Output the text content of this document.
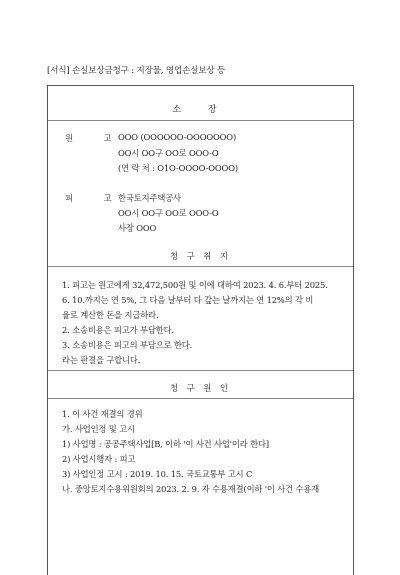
[서식] 손실보상금청구 : 지장물, 영업손실보상 등
소 장
원 고
OOO (OOOOOO-OOOOOOO)
OO시 OO구 OO로 OOO-O
(연 락 처 : O1O-OOOO-OOOO)
피 고
한국토지주택공사
OO시 OO구 OO로 OOO-O
사장 OOO
청 구 취 지
1. 피고는 원고에게 32,472,500원 및 이에 대하여 2023. 4. 6.부터 2025.
6. 10.까지는 연 5%, 그 다음 날부터 다 갚는 날까지는 연 12%의 각 비
율로 계산한 돈을 지급하라.
2. 소송비용은 피고가 부담한다.
3. 소송비용은 피고의 부담으로 한다.
라는 판결을 구합니다.
청 구 원 인
1. 이 사건 재결의 경위
가. 사업인정 및 고시
1) 사업명 : 공공주택사업[B, 이하 '이 사건 사업'이라 한다]
2) 사업시행자 : 피고
3) 사업인정 고시 : 2019. 10. 15. 국토교통부 고시 C
나. 중앙토지수용위원회의 2023. 2. 9. 자 수용재결(이하 '이 사건 수용재
